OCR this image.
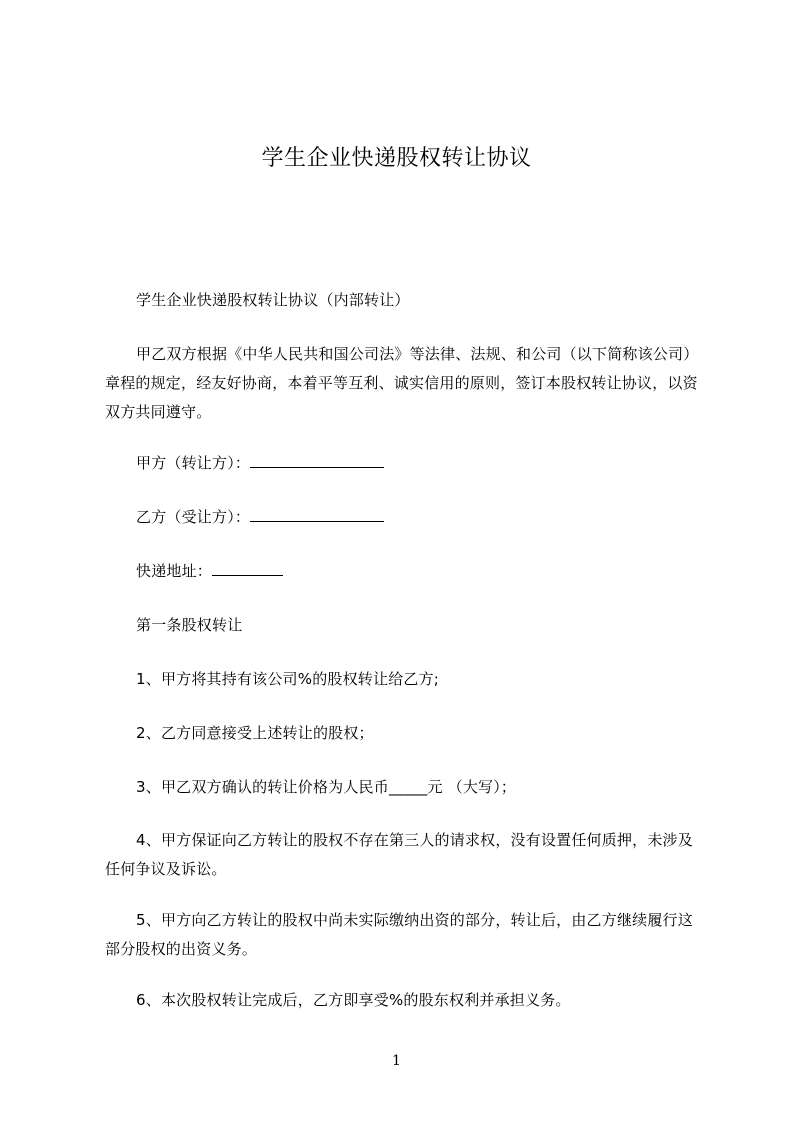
学生企业快递股权转让协议

学生企业快递股权转让协议（内部转让）

甲乙双方根据《中华人民共和国公司法》等法律、法规、和公司（以下简称该公司）章程的规定，经友好协商，本着平等互利、诚实信用的原则，签订本股权转让协议，以资双方共同遵守。

甲方（转让方）：

乙方（受让方）：

快递地址：

第一条股权转让

1、甲方将其持有该公司%的股权转让给乙方;

2、乙方同意接受上述转让的股权；

3、甲乙双方确认的转让价格为人民币_____元 （大写）；

4、甲方保证向乙方转让的股权不存在第三人的请求权，没有设置任何质押，未涉及任何争议及诉讼。

5、甲方向乙方转让的股权中尚未实际缴纳出资的部分，转让后，由乙方继续履行这部分股权的出资义务。

6、本次股权转让完成后，乙方即享受%的股东权利并承担义务。

1
